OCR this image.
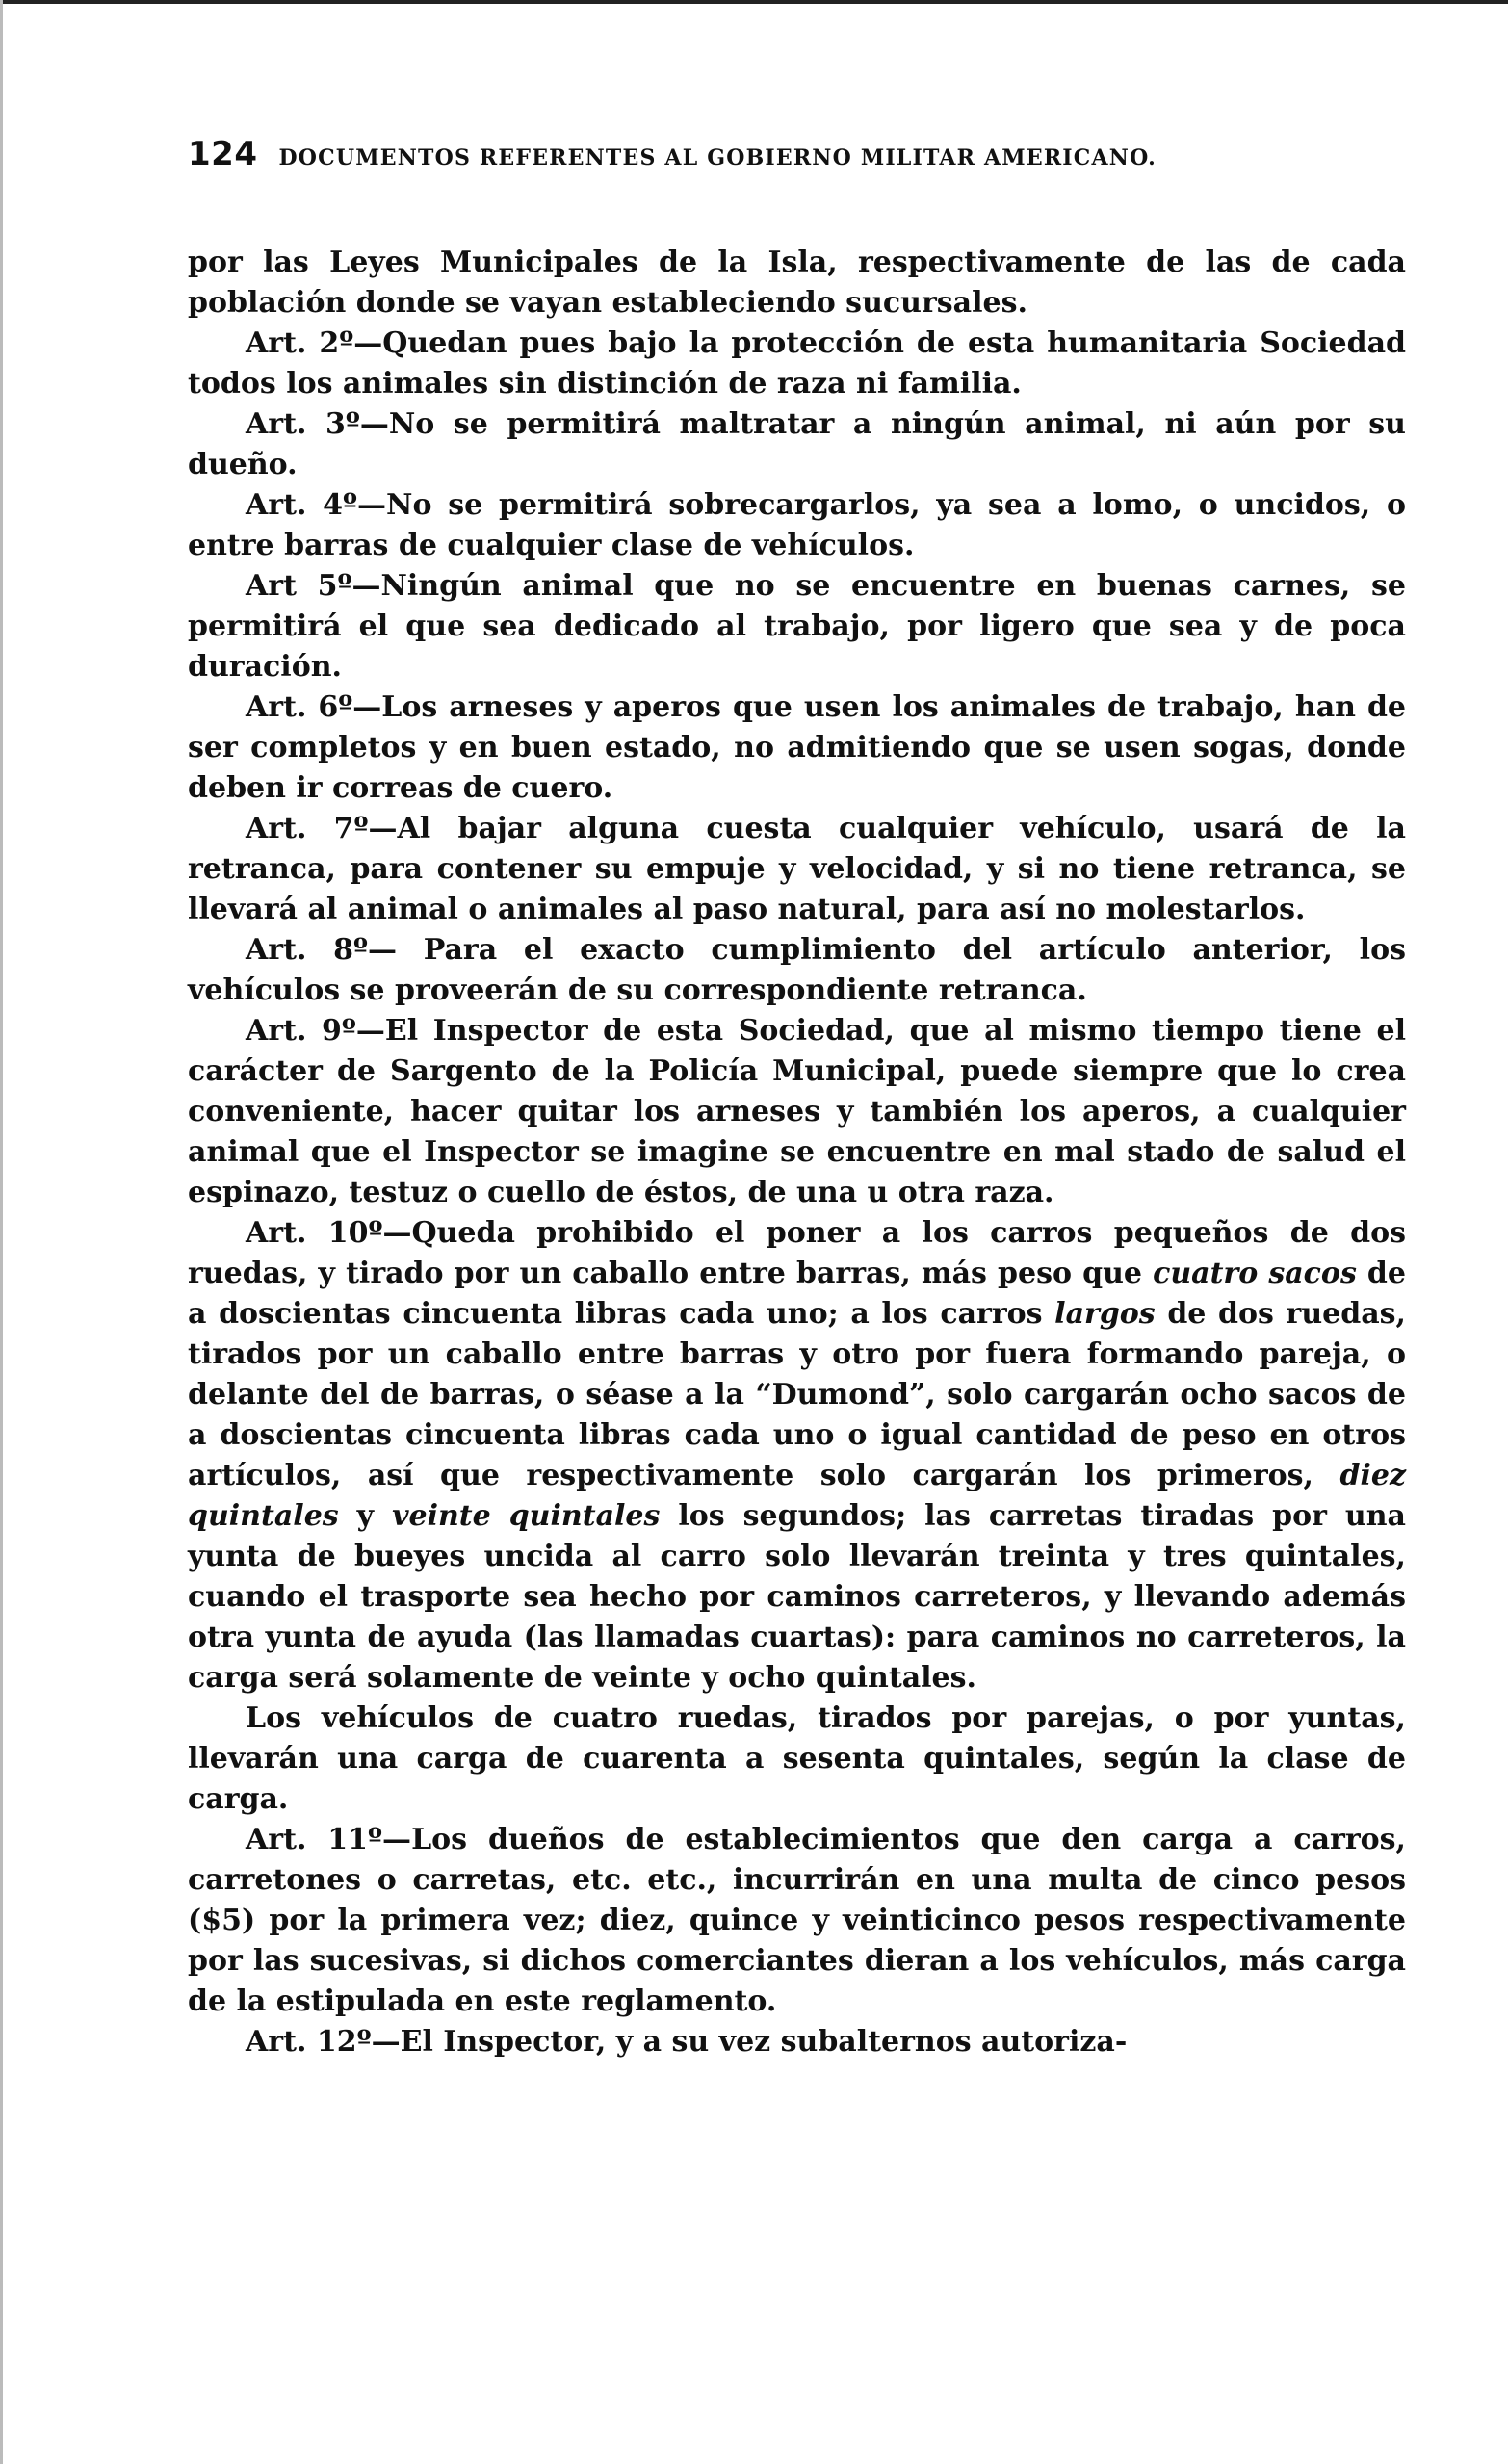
124 DOCUMENTOS REFERENTES AL GOBIERNO MILITAR AMERICANO.

por las Leyes Municipales de la Isla, respectivamente de las de cada población donde se vayan estableciendo sucursales.

Art. 2º—Quedan pues bajo la protección de esta humanitaria Sociedad todos los animales sin distinción de raza ni familia.

Art. 3º—No se permitirá maltratar a ningún animal, ni aún por su dueño.

Art. 4º—No se permitirá sobrecargarlos, ya sea a lomo, o uncidos, o entre barras de cualquier clase de vehículos.

Art 5º—Ningún animal que no se encuentre en buenas carnes, se permitirá el que sea dedicado al trabajo, por ligero que sea y de poca duración.

Art. 6º—Los arneses y aperos que usen los animales de trabajo, han de ser completos y en buen estado, no admitiendo que se usen sogas, donde deben ir correas de cuero.

Art. 7º—Al bajar alguna cuesta cualquier vehículo, usará de la retranca, para contener su empuje y velocidad, y si no tiene retranca, se llevará al animal o animales al paso natural, para así no molestarlos.

Art. 8º— Para el exacto cumplimiento del artículo anterior, los vehículos se proveerán de su correspondiente retranca.

Art. 9º—El Inspector de esta Sociedad, que al mismo tiempo tiene el carácter de Sargento de la Policía Municipal, puede siempre que lo crea conveniente, hacer quitar los arneses y también los aperos, a cualquier animal que el Inspector se imagine se encuentre en mal stado de salud el espinazo, testuz o cuello de éstos, de una u otra raza.

Art. 10º—Queda prohibido el poner a los carros pequeños de dos ruedas, y tirado por un caballo entre barras, más peso que cuatro sacos de a doscientas cincuenta libras cada uno; a los carros largos de dos ruedas, tirados por un caballo entre barras y otro por fuera formando pareja, o delante del de barras, o séase a la “Dumond”, solo cargarán ocho sacos de a doscientas cincuenta libras cada uno o igual cantidad de peso en otros artículos, así que respectivamente solo cargarán los primeros, diez quintales y veinte quintales los segundos; las carretas tiradas por una yunta de bueyes uncida al carro solo llevarán treinta y tres quintales, cuando el trasporte sea hecho por caminos carreteros, y llevando además otra yunta de ayuda (las llamadas cuartas): para caminos no carreteros, la carga será solamente de veinte y ocho quintales.

Los vehículos de cuatro ruedas, tirados por parejas, o por yuntas, llevarán una carga de cuarenta a sesenta quintales, según la clase de carga.

Art. 11º—Los dueños de establecimientos que den carga a carros, carretones o carretas, etc. etc., incurrirán en una multa de cinco pesos ($5) por la primera vez; diez, quince y veinticinco pesos respectivamente por las sucesivas, si dichos comerciantes dieran a los vehículos, más carga de la estipulada en este reglamento.

Art. 12º—El Inspector, y a su vez subalternos autoriza-
